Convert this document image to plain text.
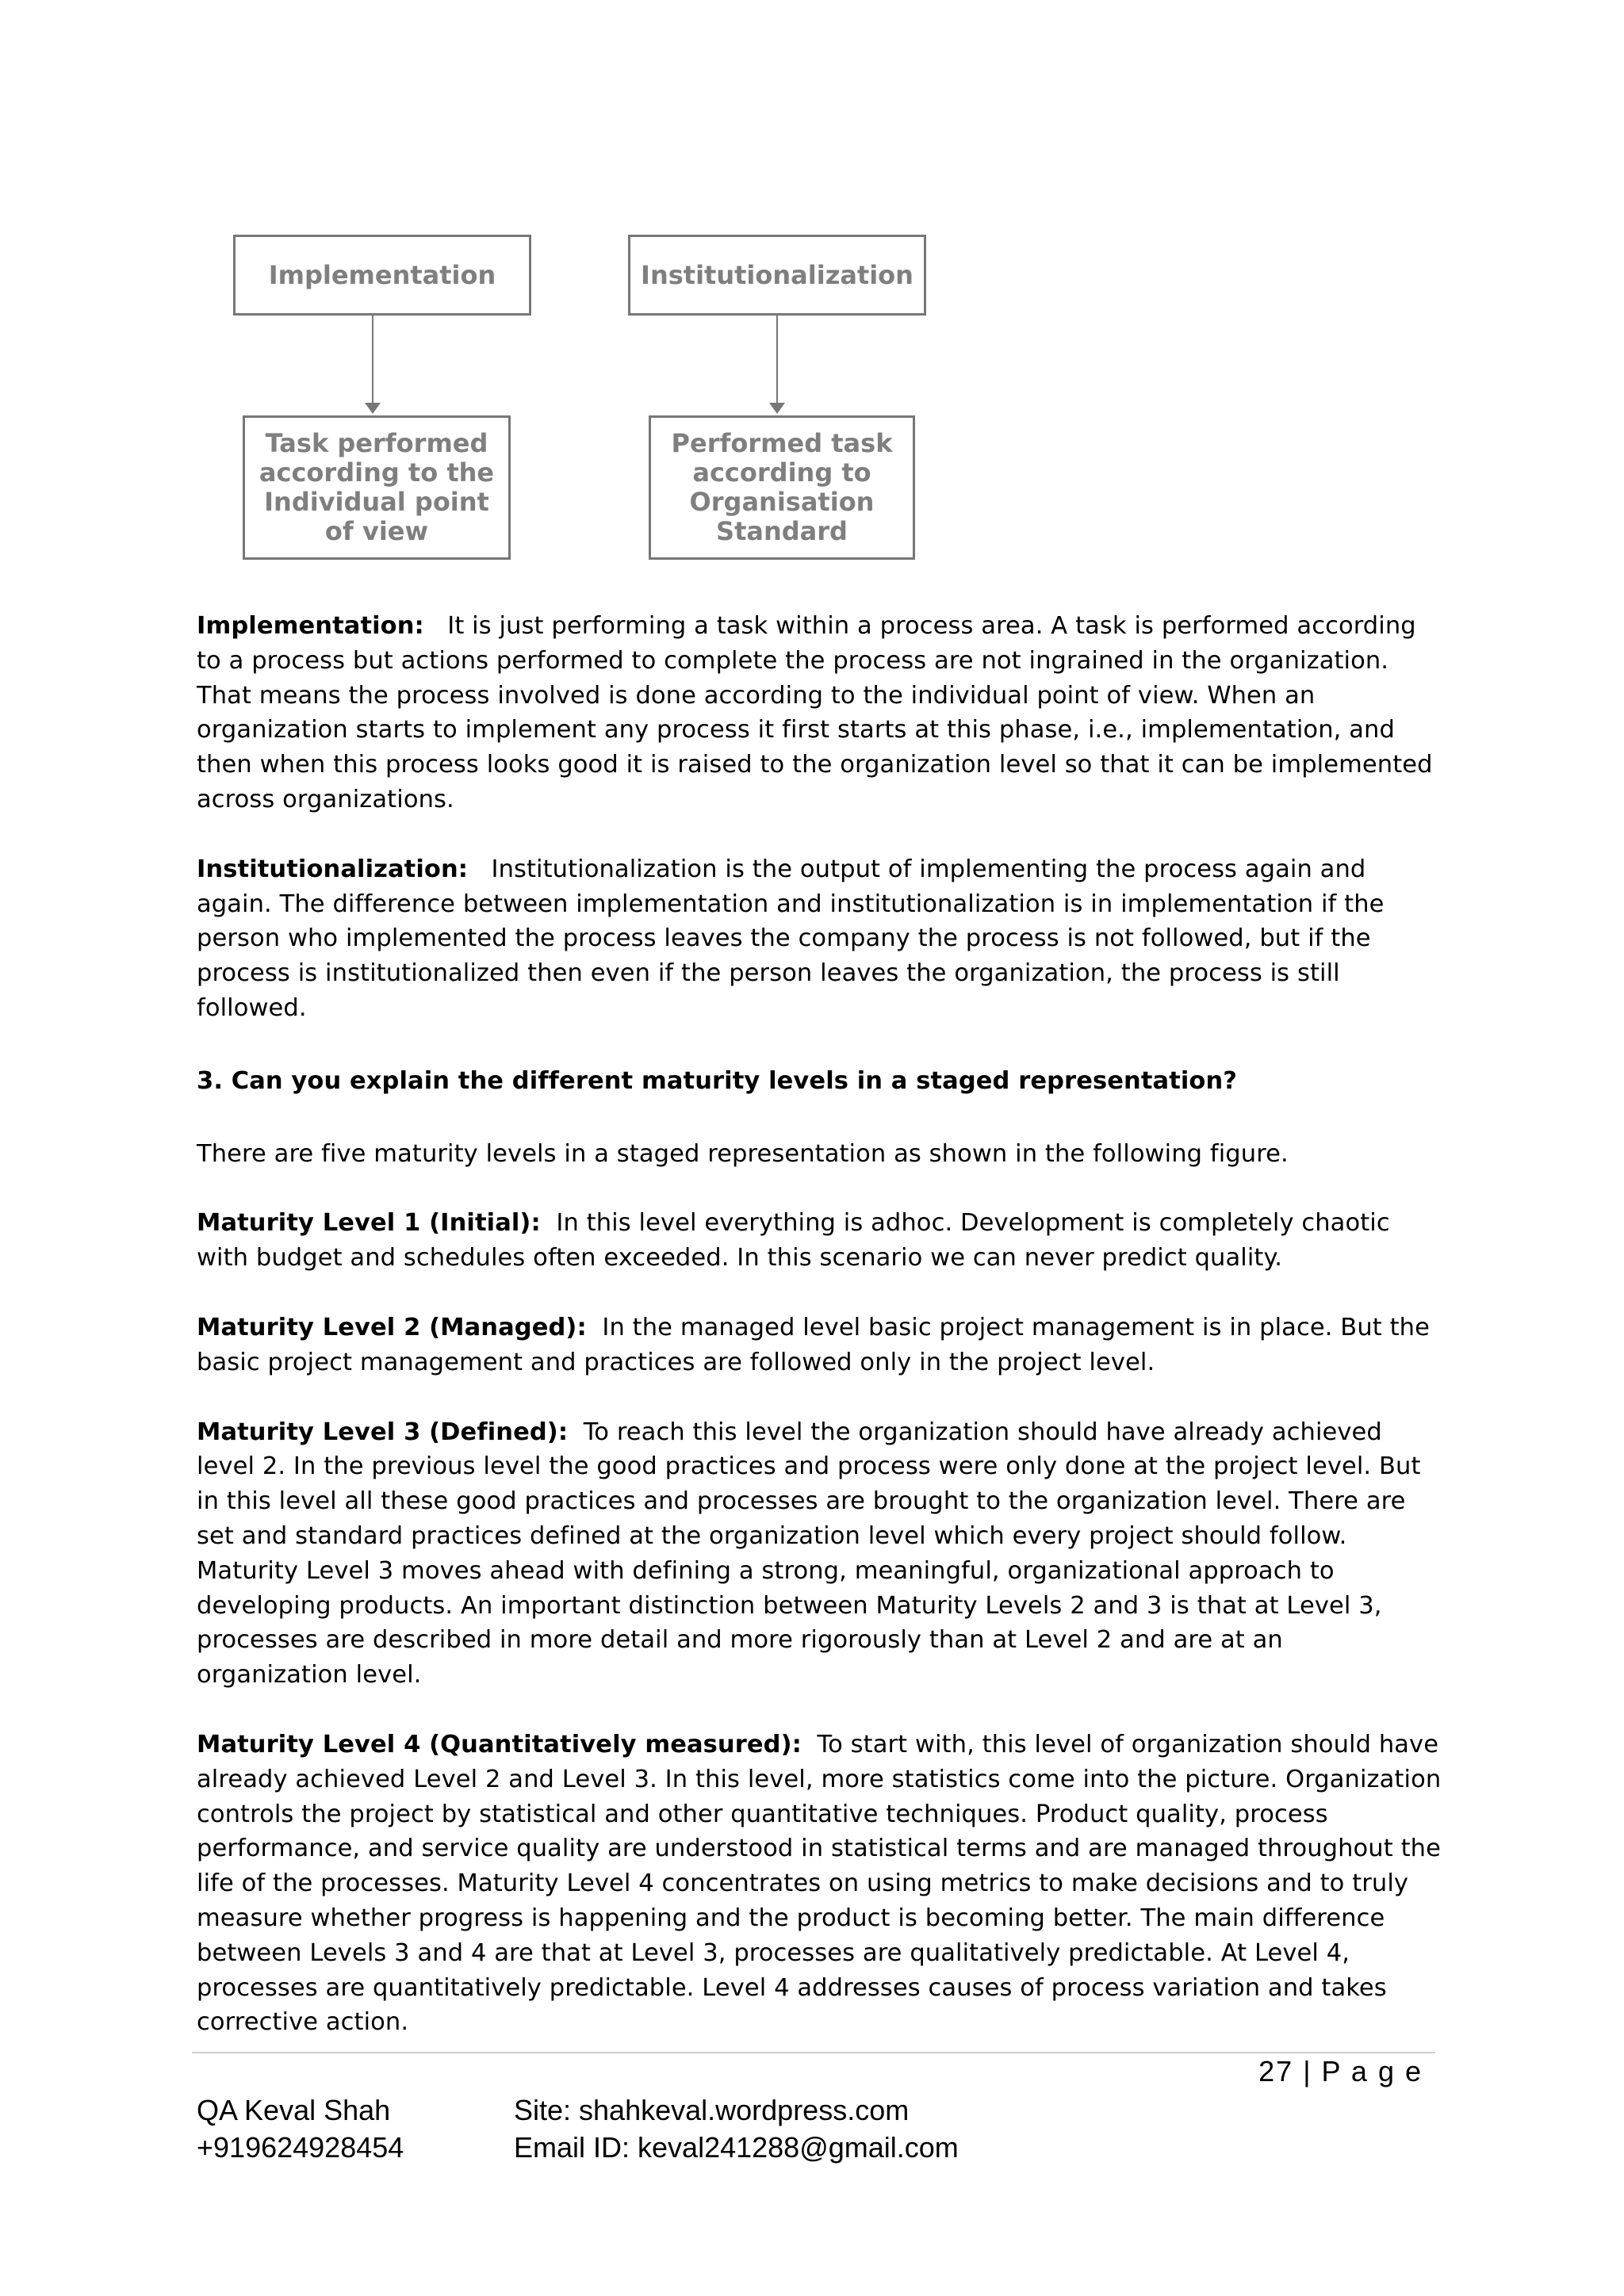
Implementation
Task performed
according to the
Individual point
of view
Institutionalization
Performed task
according to
Organisation
Standard

Implementation: It is just performing a task within a process area. A task is performed according to a process but actions performed to complete the process are not ingrained in the organization. That means the process involved is done according to the individual point of view. When an organization starts to implement any process it first starts at this phase, i.e., implementation, and then when this process looks good it is raised to the organization level so that it can be implemented across organizations.

Institutionalization: Institutionalization is the output of implementing the process again and again. The difference between implementation and institutionalization is in implementation if the person who implemented the process leaves the company the process is not followed, but if the process is institutionalized then even if the person leaves the organization, the process is still followed.

3. Can you explain the different maturity levels in a staged representation?

There are five maturity levels in a staged representation as shown in the following figure.

Maturity Level 1 (Initial): In this level everything is adhoc. Development is completely chaotic with budget and schedules often exceeded. In this scenario we can never predict quality.

Maturity Level 2 (Managed): In the managed level basic project management is in place. But the basic project management and practices are followed only in the project level.

Maturity Level 3 (Defined): To reach this level the organization should have already achieved level 2. In the previous level the good practices and process were only done at the project level. But in this level all these good practices and processes are brought to the organization level. There are set and standard practices defined at the organization level which every project should follow. Maturity Level 3 moves ahead with defining a strong, meaningful, organizational approach to developing products. An important distinction between Maturity Levels 2 and 3 is that at Level 3, processes are described in more detail and more rigorously than at Level 2 and are at an organization level.

Maturity Level 4 (Quantitatively measured): To start with, this level of organization should have already achieved Level 2 and Level 3. In this level, more statistics come into the picture. Organization controls the project by statistical and other quantitative techniques. Product quality, process performance, and service quality are understood in statistical terms and are managed throughout the life of the processes. Maturity Level 4 concentrates on using metrics to make decisions and to truly measure whether progress is happening and the product is becoming better. The main difference between Levels 3 and 4 are that at Level 3, processes are qualitatively predictable. At Level 4, processes are quantitatively predictable. Level 4 addresses causes of process variation and takes corrective action.

27 | P a g e
QA Keval Shah	Site: shahkeval.wordpress.com
+919624928454	Email ID: keval241288@gmail.com
